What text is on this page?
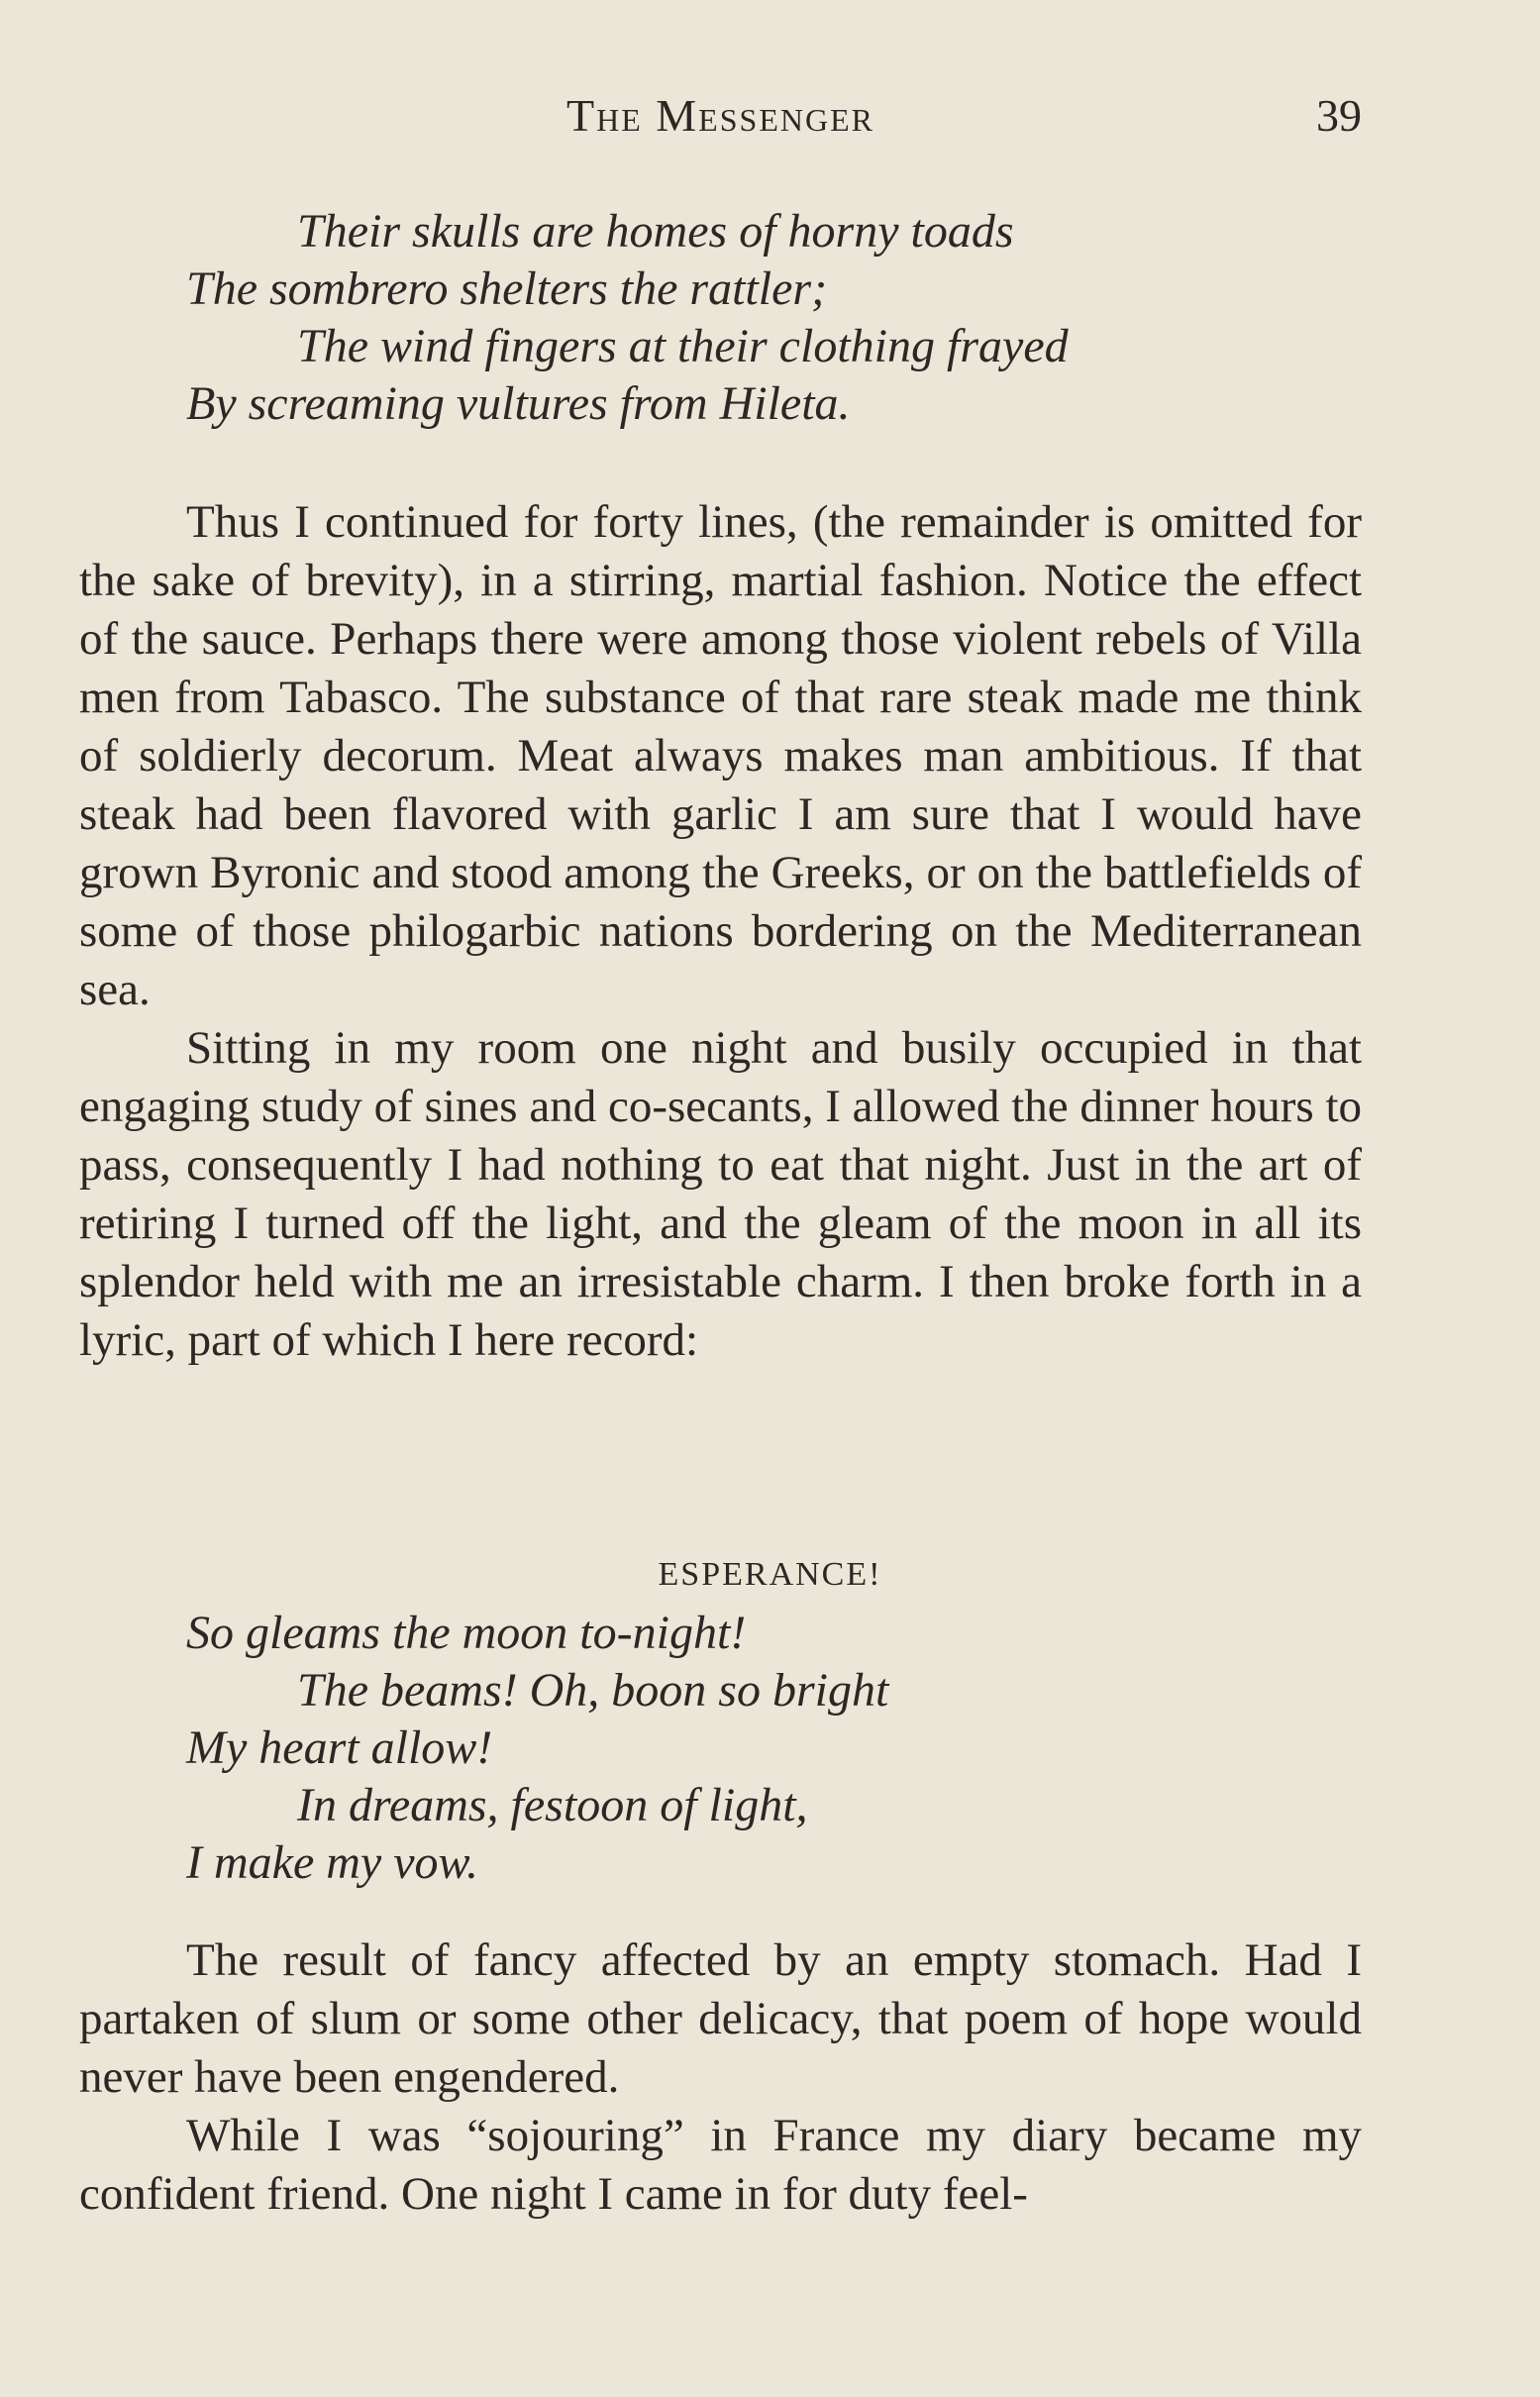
The Messenger	39
Their skulls are homes of horny toads
The sombrero shelters the rattler;
The wind fingers at their clothing frayed
By screaming vultures from Hileta.

Thus I continued for forty lines, (the remainder is omitted for the sake of brevity), in a stirring, martial fashion. Notice the effect of the sauce. Perhaps there were among those violent rebels of Villa men from Tabasco. The substance of that rare steak made me think of soldierly decorum. Meat always makes man ambitious. If that steak had been flavored with garlic I am sure that I would have grown Byronic and stood among the Greeks, or on the battlefields of some of those philogarbic nations bordering on the Mediterranean sea.

Sitting in my room one night and busily occupied in that engaging study of sines and co-secants, I allowed the dinner hours to pass, consequently I had nothing to eat that night. Just in the art of retiring I turned off the light, and the gleam of the moon in all its splendor held with me an irresistable charm. I then broke forth in a lyric, part of which I here record:

ESPERANCE!
So gleams the moon to-night!
The beams! Oh, boon so bright
My heart allow!
In dreams, festoon of light,
I make my vow.

The result of fancy affected by an empty stomach. Had I partaken of slum or some other delicacy, that poem of hope would never have been engendered.

While I was “sojouring” in France my diary became my confident friend. One night I came in for duty feel-
